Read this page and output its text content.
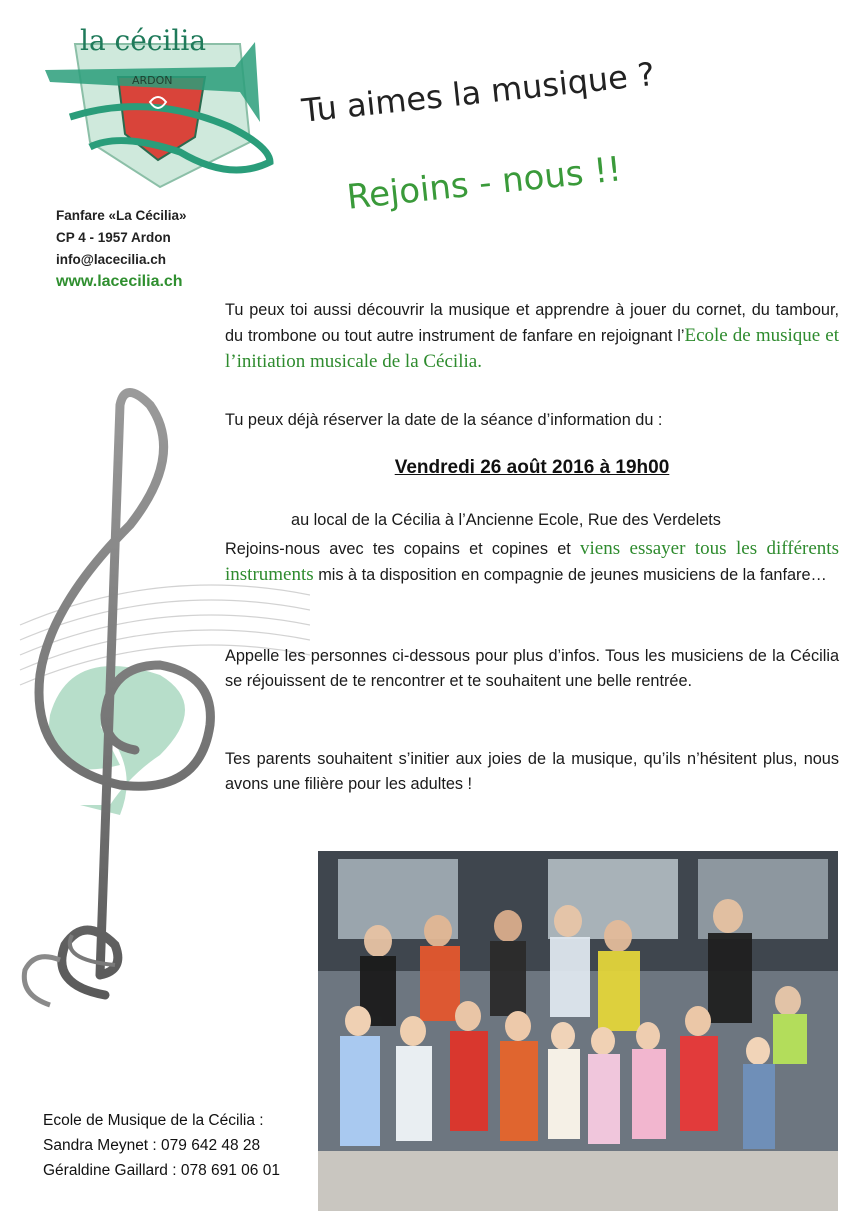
la cécilia
ARDON	Tu aimes la musique ?
Rejoins - nous !!
Fanfare «La Cécilia»
CP 4 - 1957 Ardon
info@lacecilia.ch
www.lacecilia.ch
Tu peux toi aussi découvrir la musique et apprendre à jouer du cornet, du tambour, du trombone ou tout autre instrument de fanfare en rejoignant l’Ecole de musique et l’initiation musicale de la Cécilia.
Tu peux déjà réserver la date de la séance d’information du :
Vendredi 26 août 2016 à 19h00
au local de la Cécilia à l’Ancienne Ecole, Rue des Verdelets
Rejoins-nous avec tes copains et copines et viens essayer tous les différents instruments mis à ta disposition en compagnie de jeunes musiciens de la fanfare…
Appelle les personnes ci-dessous pour plus d’infos. Tous les musiciens de la Cécilia se réjouissent de te rencontrer et te souhaitent une belle rentrée.
Tes parents souhaitent s’initier aux joies de la musique, qu’ils n’hésitent plus, nous avons une filière pour les adultes !
Ecole de Musique de la Cécilia :
Sandra Meynet : 079 642 48 28
Géraldine Gaillard : 078 691 06 01
